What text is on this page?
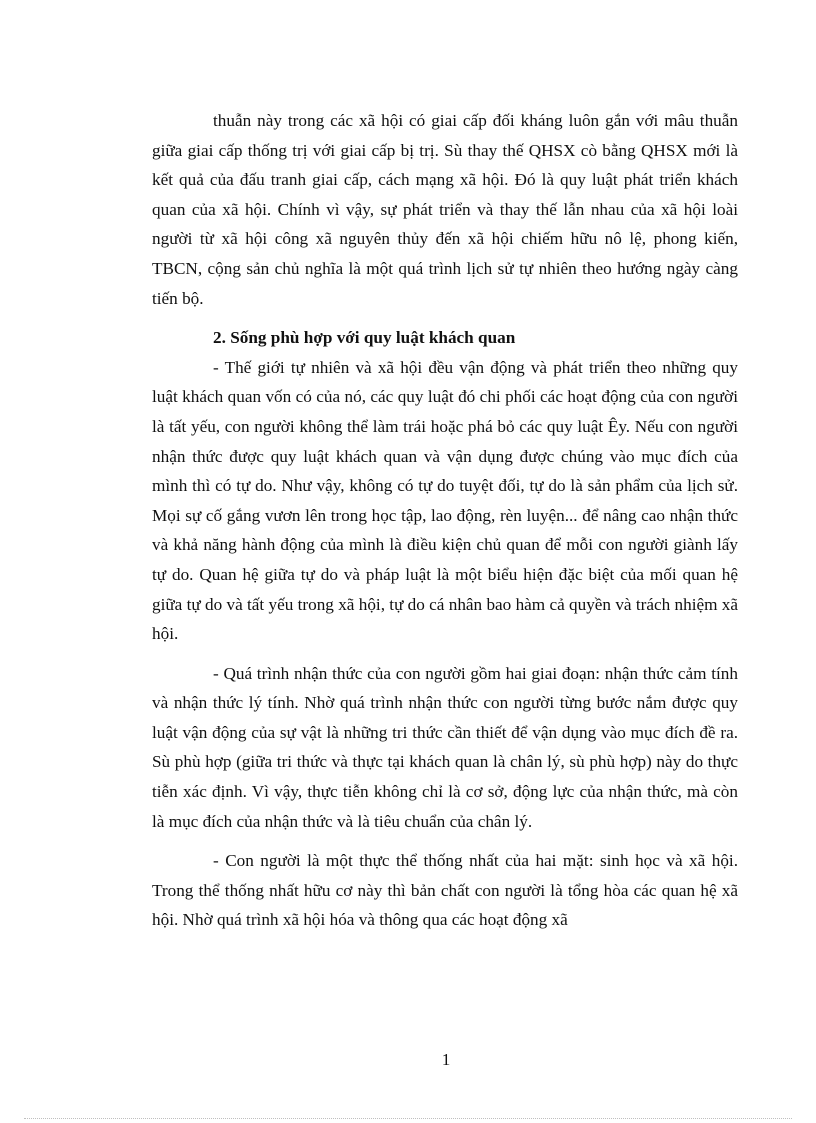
thuẫn này trong các xã hội có giai cấp đối kháng luôn gắn với mâu thuẫn giữa giai cấp thống trị với giai cấp bị trị. Sù thay thế QHSX cò bằng QHSX mới là kết quả của đấu tranh giai cấp, cách mạng xã hội. Đó là quy luật phát triển khách quan của xã hội. Chính vì vậy, sự phát triển và thay thế lẫn nhau của xã hội loài người từ xã hội công xã nguyên thủy đến xã hội chiếm hữu nô lệ, phong kiến, TBCN, cộng sản chủ nghĩa là một quá trình lịch sử tự nhiên theo hướng ngày càng tiến bộ.

2. Sống phù hợp với quy luật khách quan

- Thế giới tự nhiên và xã hội đều vận động và phát triển theo những quy luật khách quan vốn có của nó, các quy luật đó chi phối các hoạt động của con người là tất yếu, con người không thể làm trái hoặc phá bỏ các quy luật Êy. Nếu con người nhận thức được quy luật khách quan và vận dụng được chúng vào mục đích của mình thì có tự do. Như vậy, không có tự do tuyệt đối, tự do là sản phẩm của lịch sử. Mọi sự cố gắng vươn lên trong học tập, lao động, rèn luyện... để nâng cao nhận thức và khả năng hành động của mình là điều kiện chủ quan để mỗi con người giành lấy tự do. Quan hệ giữa tự do và pháp luật là một biểu hiện đặc biệt của mối quan hệ giữa tự do và tất yếu trong xã hội, tự do cá nhân bao hàm cả quyền và trách nhiệm xã hội.

- Quá trình nhận thức của con người gồm hai giai đoạn: nhận thức cảm tính và nhận thức lý tính. Nhờ quá trình nhận thức con người từng bước nắm được quy luật vận động của sự vật là những tri thức cần thiết để vận dụng vào mục đích đề ra. Sù phù hợp (giữa tri thức và thực tại khách quan là chân lý, sù phù hợp) này do thực tiễn xác định. Vì vậy, thực tiễn không chỉ là cơ sở, động lực của nhận thức, mà còn là mục đích của nhận thức và là tiêu chuẩn của chân lý.

- Con người là một thực thể thống nhất của hai mặt: sinh học và xã hội. Trong thể thống nhất hữu cơ này thì bản chất con người là tổng hòa các quan hệ xã hội. Nhờ quá trình xã hội hóa và thông qua các hoạt động xã

1
